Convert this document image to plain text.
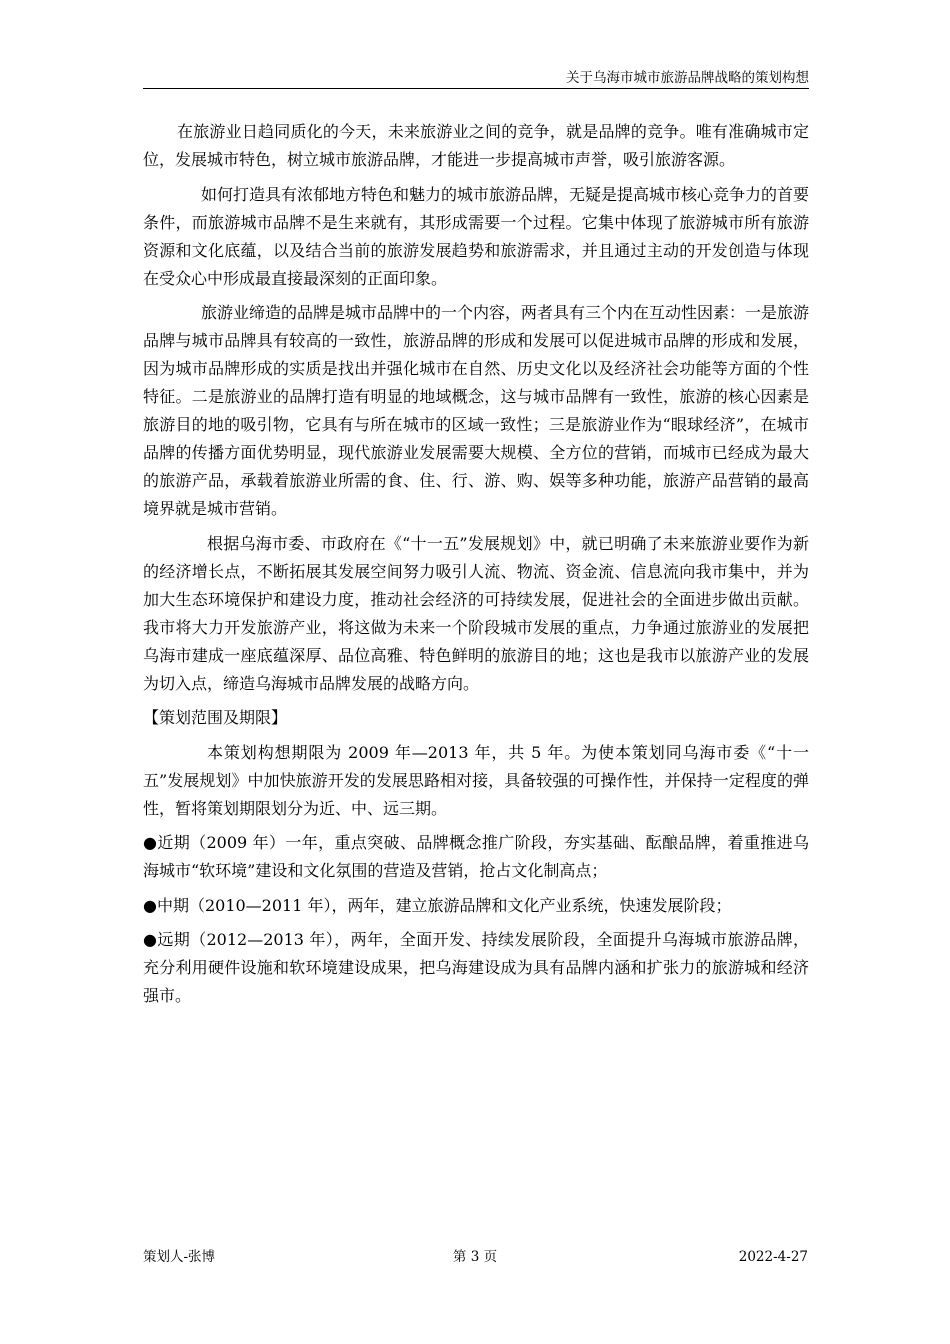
关于乌海市城市旅游品牌战略的策划构想

在旅游业日趋同质化的今天，未来旅游业之间的竞争，就是品牌的竞争。唯有准确城市定位，发展城市特色，树立城市旅游品牌，才能进一步提高城市声誉，吸引旅游客源。

如何打造具有浓郁地方特色和魅力的城市旅游品牌，无疑是提高城市核心竞争力的首要条件，而旅游城市品牌不是生来就有，其形成需要一个过程。它集中体现了旅游城市所有旅游资源和文化底蕴，以及结合当前的旅游发展趋势和旅游需求，并且通过主动的开发创造与体现在受众心中形成最直接最深刻的正面印象。

旅游业缔造的品牌是城市品牌中的一个内容，两者具有三个内在互动性因素：一是旅游品牌与城市品牌具有较高的一致性，旅游品牌的形成和发展可以促进城市品牌的形成和发展，因为城市品牌形成的实质是找出并强化城市在自然、历史文化以及经济社会功能等方面的个性特征。二是旅游业的品牌打造有明显的地域概念，这与城市品牌有一致性，旅游的核心因素是旅游目的地的吸引物，它具有与所在城市的区域一致性；三是旅游业作为“眼球经济”，在城市品牌的传播方面优势明显，现代旅游业发展需要大规模、全方位的营销，而城市已经成为最大的旅游产品，承载着旅游业所需的食、住、行、游、购、娱等多种功能，旅游产品营销的最高境界就是城市营销。

根据乌海市委、市政府在《“十一五”发展规划》中，就已明确了未来旅游业要作为新的经济增长点，不断拓展其发展空间努力吸引人流、物流、资金流、信息流向我市集中，并为加大生态环境保护和建设力度，推动社会经济的可持续发展，促进社会的全面进步做出贡献。我市将大力开发旅游产业，将这做为未来一个阶段城市发展的重点，力争通过旅游业的发展把乌海市建成一座底蕴深厚、品位高雅、特色鲜明的旅游目的地；这也是我市以旅游产业的发展为切入点，缔造乌海城市品牌发展的战略方向。

【策划范围及期限】

本策划构想期限为 2009 年—2013 年，共 5 年。为使本策划同乌海市委《“十一五”发展规划》中加快旅游开发的发展思路相对接，具备较强的可操作性，并保持一定程度的弹性，暂将策划期限划分为近、中、远三期。

●近期（2009 年）一年，重点突破、品牌概念推广阶段，夯实基础、酝酿品牌，着重推进乌海城市“软环境”建设和文化氛围的营造及营销，抢占文化制高点；

●中期（2010—2011 年），两年，建立旅游品牌和文化产业系统，快速发展阶段；

●远期（2012—2013 年），两年，全面开发、持续发展阶段，全面提升乌海城市旅游品牌，充分利用硬件设施和软环境建设成果，把乌海建设成为具有品牌内涵和扩张力的旅游城和经济强市。

策划人-张博	第 3 页	2022-4-27
